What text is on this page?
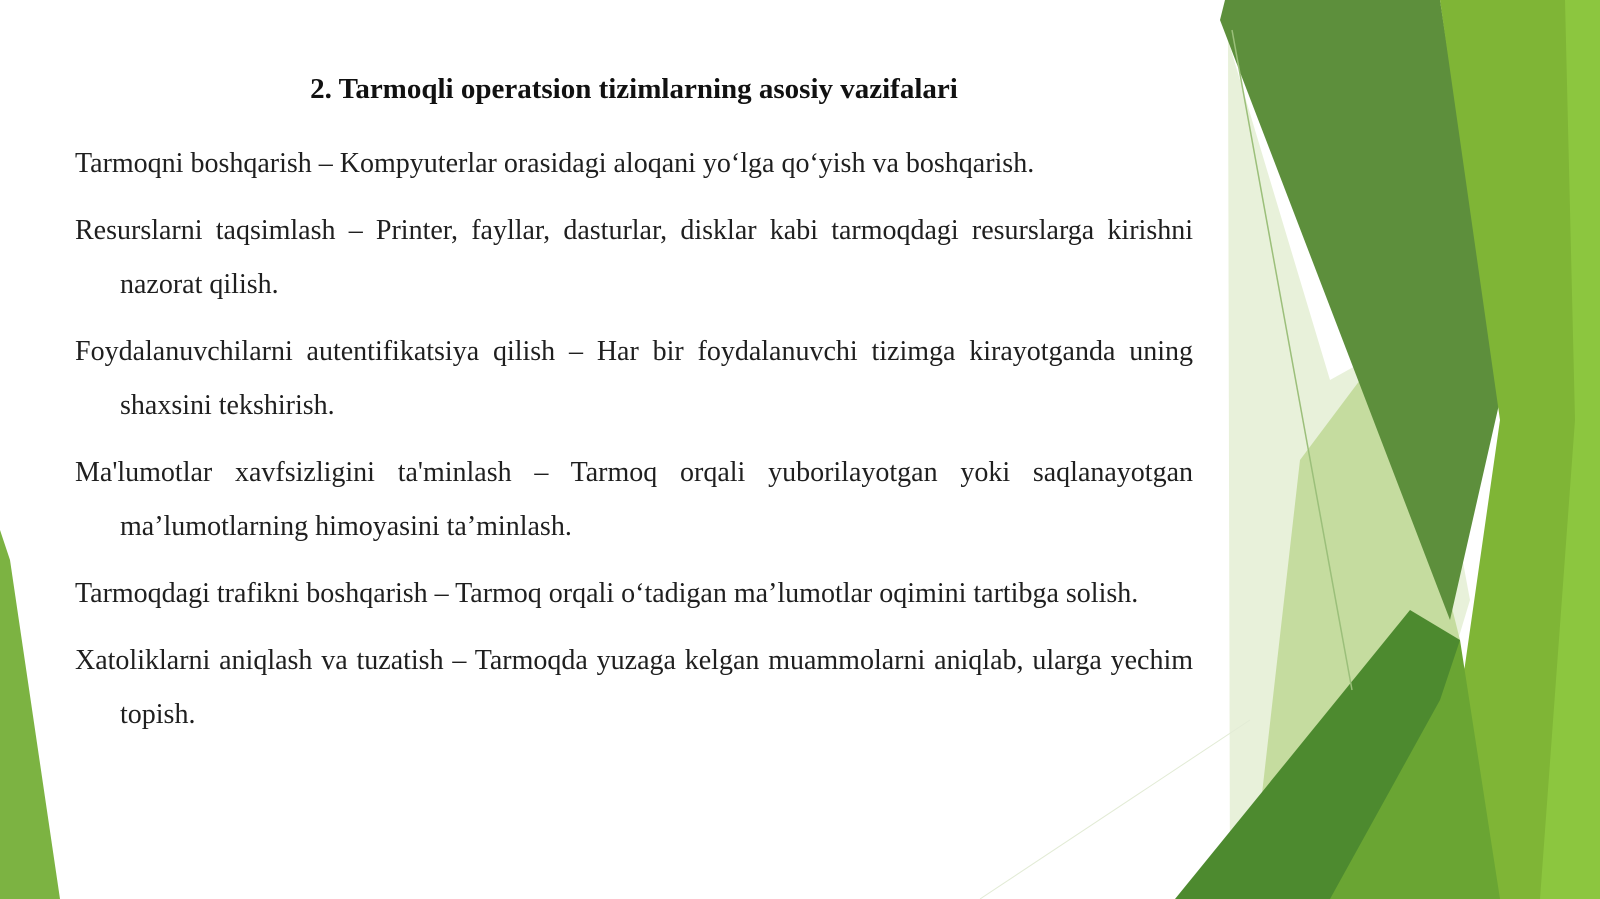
2. Tarmoqli operatsion tizimlarning asosiy vazifalari

Tarmoqni boshqarish – Kompyuterlar orasidagi aloqani yo‘lga qo‘yish va boshqarish.

Resurslarni taqsimlash – Printer, fayllar, dasturlar, disklar kabi tarmoqdagi resurslarga kirishni nazorat qilish.

Foydalanuvchilarni autentifikatsiya qilish – Har bir foydalanuvchi tizimga kirayotganda uning shaxsini tekshirish.

Ma'lumotlar xavfsizligini ta'minlash – Tarmoq orqali yuborilayotgan yoki saqlanayotgan ma’lumotlarning himoyasini ta’minlash.

Tarmoqdagi trafikni boshqarish – Tarmoq orqali o‘tadigan ma’lumotlar oqimini tartibga solish.

Xatoliklarni aniqlash va tuzatish – Tarmoqda yuzaga kelgan muammolarni aniqlab, ularga yechim topish.
